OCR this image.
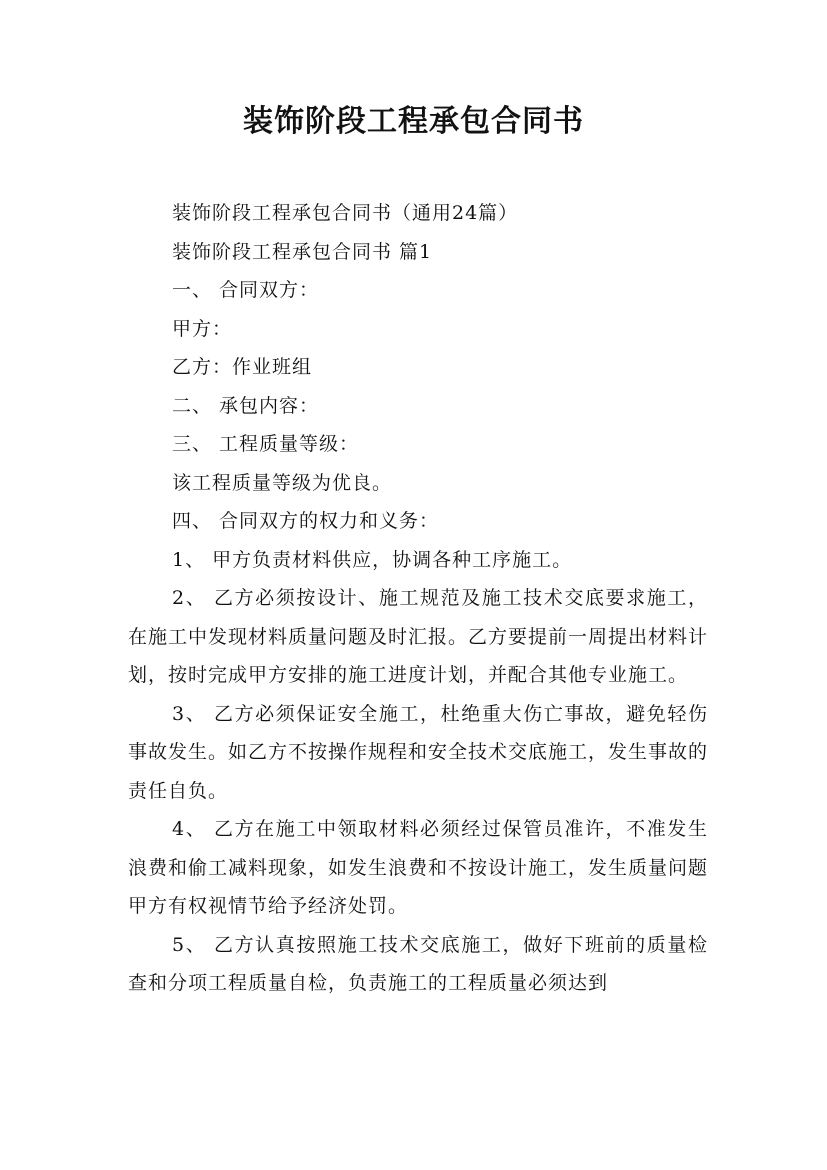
装饰阶段工程承包合同书

装饰阶段工程承包合同书（通用24篇）

装饰阶段工程承包合同书 篇1

一、 合同双方：

甲方：

乙方：作业班组

二、 承包内容：

三、 工程质量等级：

该工程质量等级为优良。

四、 合同双方的权力和义务：

1、 甲方负责材料供应，协调各种工序施工。

2、 乙方必须按设计、施工规范及施工技术交底要求施工，在施工中发现材料质量问题及时汇报。乙方要提前一周提出材料计划，按时完成甲方安排的施工进度计划，并配合其他专业施工。

3、 乙方必须保证安全施工，杜绝重大伤亡事故，避免轻伤事故发生。如乙方不按操作规程和安全技术交底施工，发生事故的责任自负。

4、 乙方在施工中领取材料必须经过保管员准许，不准发生浪费和偷工减料现象，如发生浪费和不按设计施工，发生质量问题甲方有权视情节给予经济处罚。

5、 乙方认真按照施工技术交底施工，做好下班前的质量检查和分项工程质量自检，负责施工的工程质量必须达到
